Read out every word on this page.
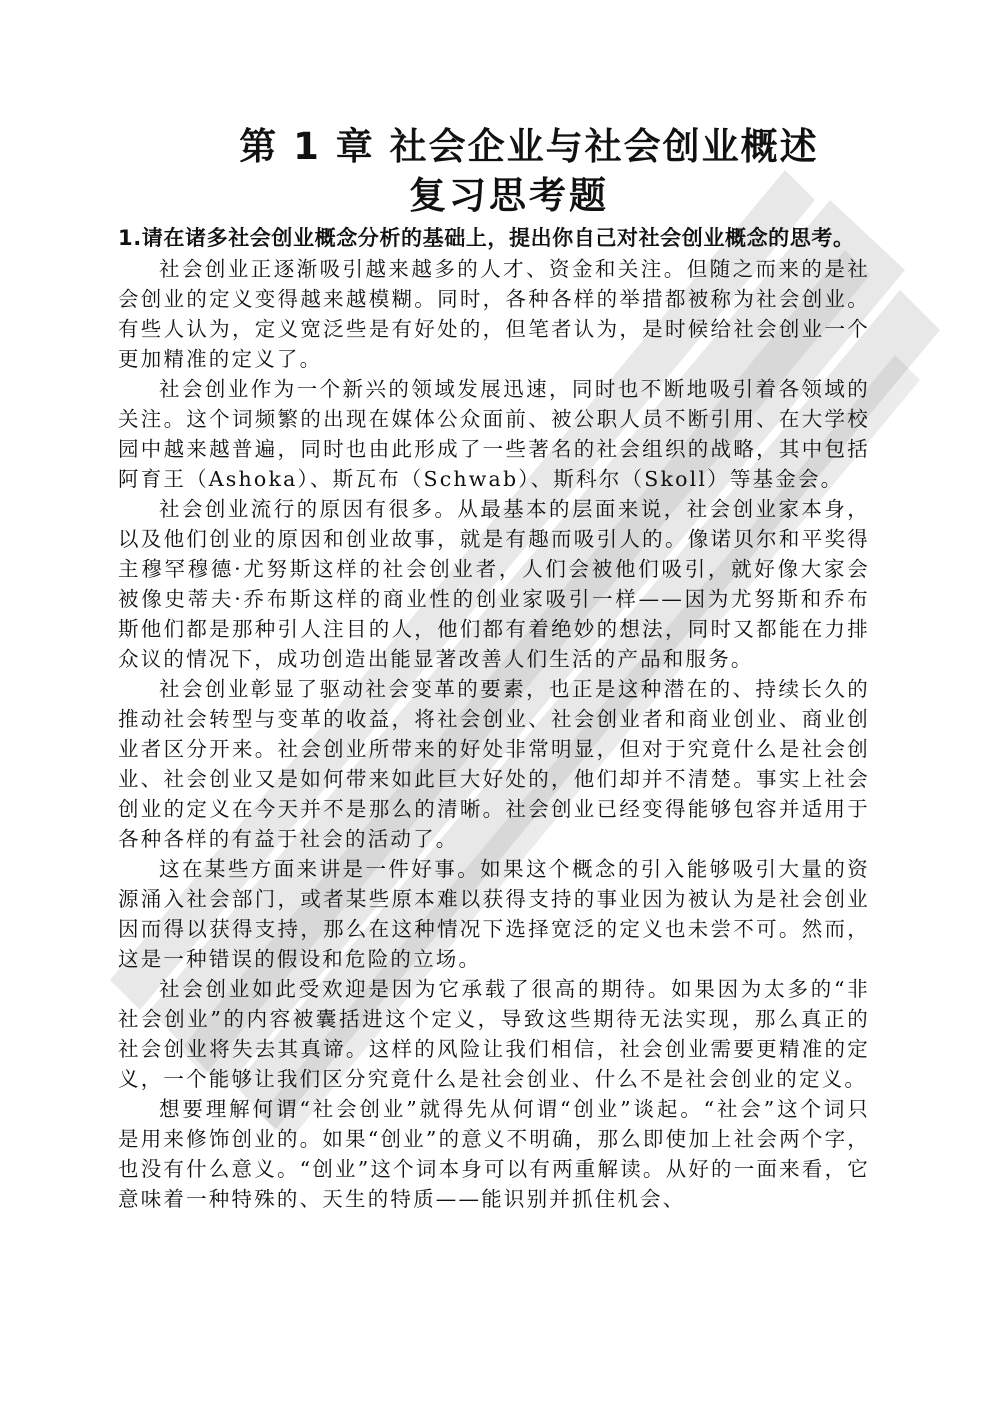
第 1 章 社会企业与社会创业概述
复习思考题

1.请在诸多社会创业概念分析的基础上，提出你自己对社会创业概念的思考。

社会创业正逐渐吸引越来越多的人才、资金和关注。但随之而来的是社会创业的定义变得越来越模糊。同时，各种各样的举措都被称为社会创业。有些人认为，定义宽泛些是有好处的，但笔者认为，是时候给社会创业一个更加精准的定义了。

社会创业作为一个新兴的领域发展迅速，同时也不断地吸引着各领域的关注。这个词频繁的出现在媒体公众面前、被公职人员不断引用、在大学校园中越来越普遍，同时也由此形成了一些著名的社会组织的战略，其中包括阿育王（Ashoka）、斯瓦布（Schwab）、斯科尔（Skoll）等基金会。

社会创业流行的原因有很多。从最基本的层面来说，社会创业家本身，以及他们创业的原因和创业故事，就是有趣而吸引人的。像诺贝尔和平奖得主穆罕穆德·尤努斯这样的社会创业者，人们会被他们吸引，就好像大家会被像史蒂夫·乔布斯这样的商业性的创业家吸引一样——因为尤努斯和乔布斯他们都是那种引人注目的人，他们都有着绝妙的想法，同时又都能在力排众议的情况下，成功创造出能显著改善人们生活的产品和服务。

社会创业彰显了驱动社会变革的要素，也正是这种潜在的、持续长久的推动社会转型与变革的收益，将社会创业、社会创业者和商业创业、商业创业者区分开来。社会创业所带来的好处非常明显，但对于究竟什么是社会创业、社会创业又是如何带来如此巨大好处的，他们却并不清楚。事实上社会创业的定义在今天并不是那么的清晰。社会创业已经变得能够包容并适用于各种各样的有益于社会的活动了。

这在某些方面来讲是一件好事。如果这个概念的引入能够吸引大量的资源涌入社会部门，或者某些原本难以获得支持的事业因为被认为是社会创业因而得以获得支持，那么在这种情况下选择宽泛的定义也未尝不可。然而，这是一种错误的假设和危险的立场。

社会创业如此受欢迎是因为它承载了很高的期待。如果因为太多的“非社会创业”的内容被囊括进这个定义，导致这些期待无法实现，那么真正的社会创业将失去其真谛。这样的风险让我们相信，社会创业需要更精准的定义，一个能够让我们区分究竟什么是社会创业、什么不是社会创业的定义。

想要理解何谓“社会创业”就得先从何谓“创业”谈起。“社会”这个词只是用来修饰创业的。如果“创业”的意义不明确，那么即使加上社会两个字，也没有什么意义。“创业”这个词本身可以有两重解读。从好的一面来看，它意味着一种特殊的、天生的特质——能识别并抓住机会、
